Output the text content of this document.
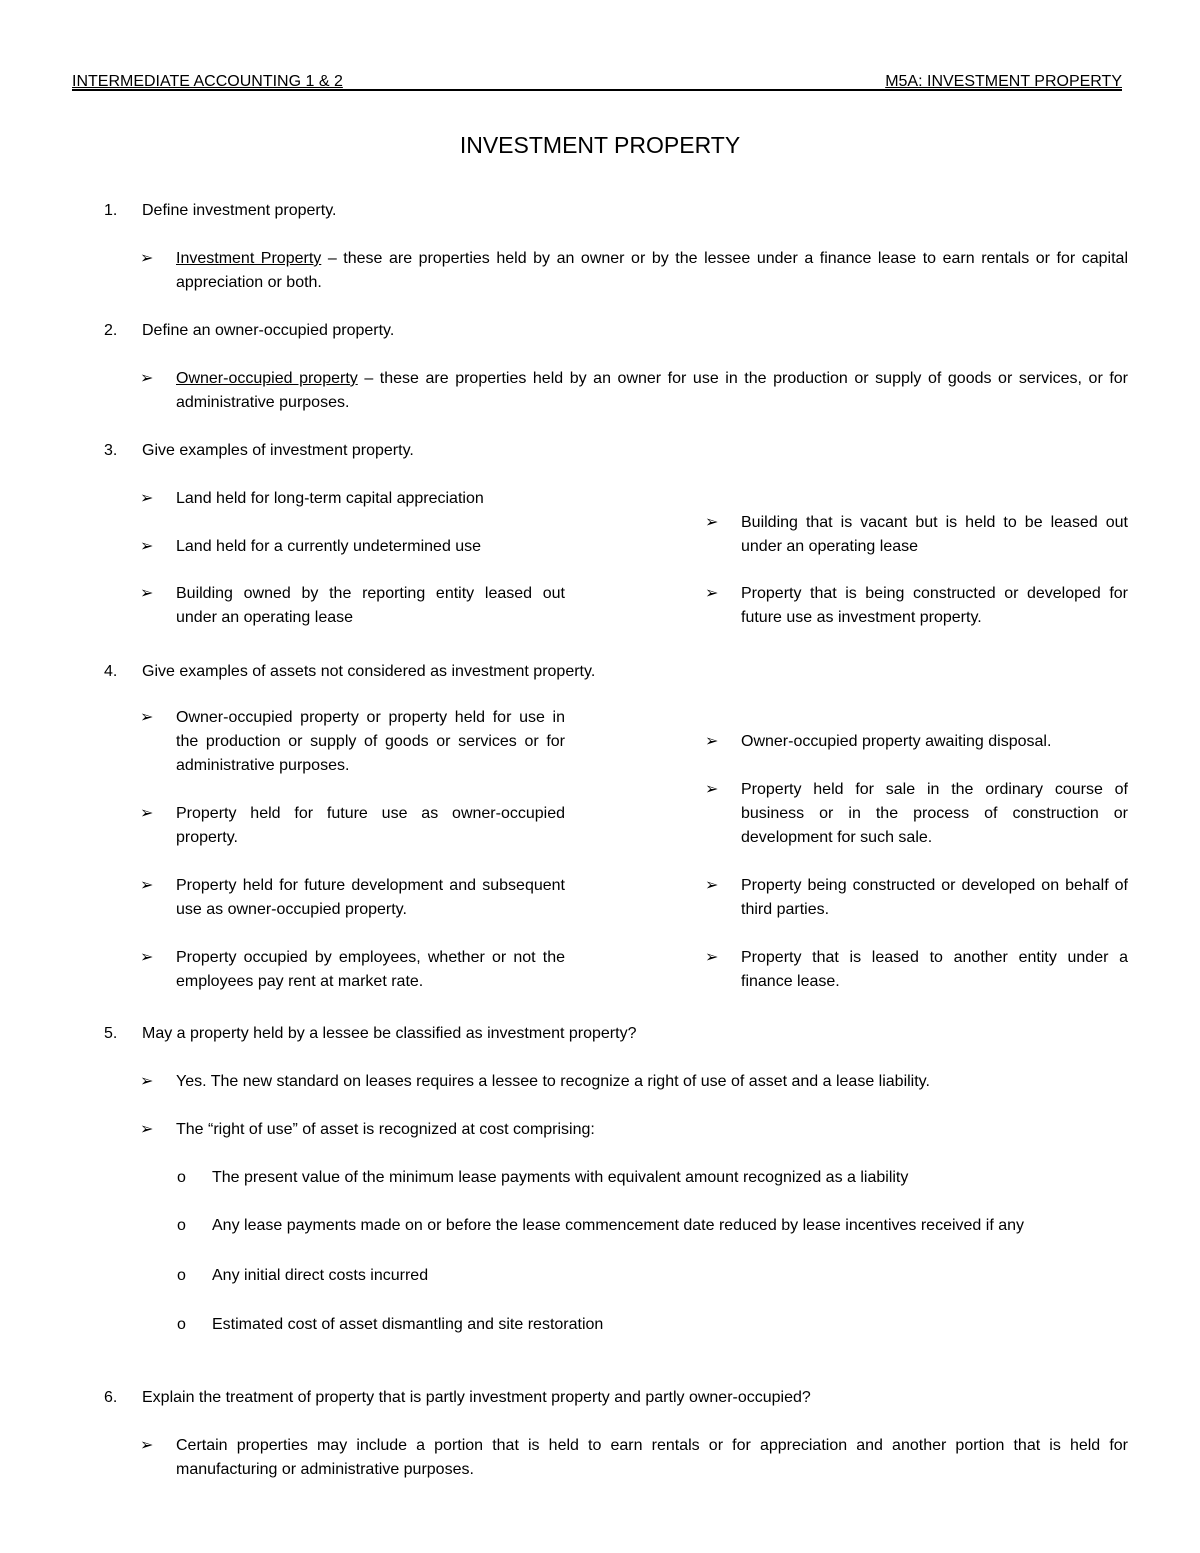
INTERMEDIATE ACCOUNTING 1 & 2	M5A: INVESTMENT PROPERTY
INVESTMENT PROPERTY
1.	Define investment property.
➢	Investment Property – these are properties held by an owner or by the lessee under a finance lease to earn rentals or for capital appreciation or both.
2.	Define an owner-occupied property.
➢	Owner-occupied property – these are properties held by an owner for use in the production or supply of goods or services, or for administrative purposes.
3.	Give examples of investment property.
➢	Land held for long-term capital appreciation
➢	Land held for a currently undetermined use
➢	Building owned by the reporting entity leased out under an operating lease
➢	Building that is vacant but is held to be leased out under an operating lease
➢	Property that is being constructed or developed for future use as investment property.
4.	Give examples of assets not considered as investment property.
➢	Owner-occupied property or property held for use in the production or supply of goods or services or for administrative purposes.
➢	Property held for future use as owner-occupied property.
➢	Property held for future development and subsequent use as owner-occupied property.
➢	Property occupied by employees, whether or not the employees pay rent at market rate.
➢	Owner-occupied property awaiting disposal.
➢	Property held for sale in the ordinary course of business or in the process of construction or development for such sale.
➢	Property being constructed or developed on behalf of third parties.
➢	Property that is leased to another entity under a finance lease.
5.	May a property held by a lessee be classified as investment property?
➢	Yes. The new standard on leases requires a lessee to recognize a right of use of asset and a lease liability.
➢	The “right of use” of asset is recognized at cost comprising:
o The present value of the minimum lease payments with equivalent amount recognized as a liability
o Any lease payments made on or before the lease commencement date reduced by lease incentives received if any
o Any initial direct costs incurred
o Estimated cost of asset dismantling and site restoration
6.	Explain the treatment of property that is partly investment property and partly owner-occupied?
➢	Certain properties may include a portion that is held to earn rentals or for appreciation and another portion that is held for manufacturing or administrative purposes.
